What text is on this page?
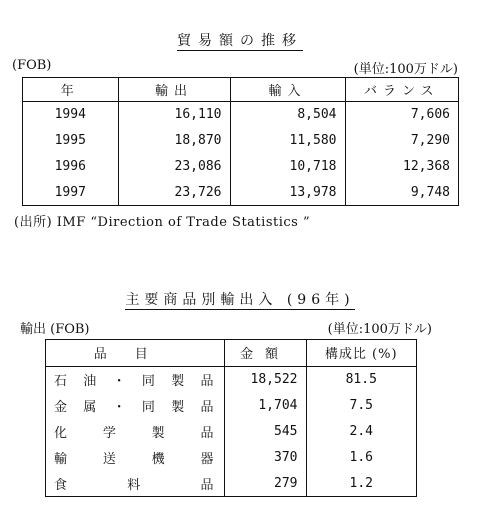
貿易額の推移
(FOB)	(単位:100万ドル)
年	輸出	輸入	バランス
1994	16,110	8,504	7,606
1995	18,870	11,580	7,290
1996	23,086	10,718	12,368
1997	23,726	13,978	9,748
(出所) IMF “Direction of Trade Statistics ”
主要商品別輸出入 (96年)
輸出 (FOB)	(単位:100万ドル)
品目	金額	構成比 (%)
石油・同製品	18,522	81.5
金属・同製品	1,704	7.5
化学製品	545	2.4
輸送機器	370	1.6
食料品	279	1.2
